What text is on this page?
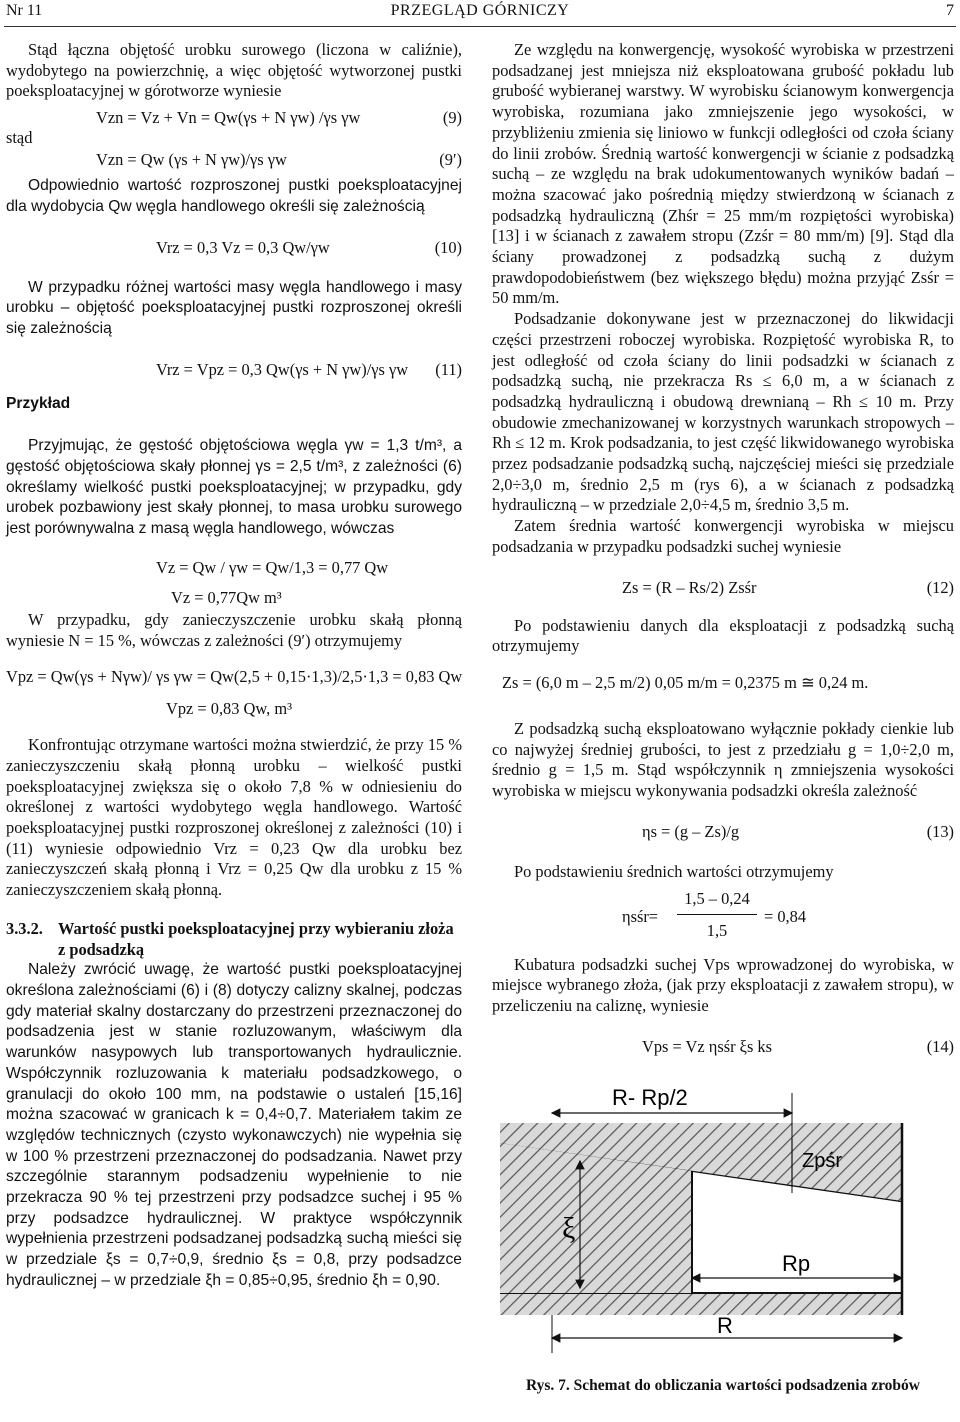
Nr 11	PRZEGLĄD GÓRNICZY	7

Stąd łączna objętość urobku surowego (liczona w caliźnie), wydobytego na powierzchnię, a więc objętość wytworzonej pustki poeksploatacyjnej w górotworze wyniesie

Vzn = Vz + Vn = Qw(γs + N γw) /γs γw	(9)
stąd
Vzn = Qw (γs + N γw)/γs γw	(9′)

Odpowiednio wartość rozproszonej pustki poeksploatacyjnej dla wydobycia Qw węgla handlowego określi się zależnością

Vrz = 0,3 Vz = 0,3 Qw/γw	(10)

W przypadku różnej wartości masy węgla handlowego i masy urobku – objętość poeksploatacyjnej pustki rozproszonej określi się zależnością

Vrz = Vpz = 0,3 Qw(γs + N γw)/γs γw (11)
Przykład

Przyjmując, że gęstość objętościowa węgla γw = 1,3 t/m³, a gęstość objętościowa skały płonnej γs = 2,5 t/m³, z zależności (6) określamy wielkość pustki poeksploatacyjnej; w przypadku, gdy urobek pozbawiony jest skały płonnej, to masa urobku surowego jest porównywalna z masą węgla handlowego, wówczas

Vz = Qw / γw = Qw/1,3 = 0,77 Qw
Vz = 0,77Qw m³

W przypadku, gdy zanieczyszczenie urobku skałą płonną wyniesie N = 15 %, wówczas z zależności (9′) otrzymujemy

Vpz = Qw(γs + Nγw)/ γs γw = Qw(2,5 + 0,15·1,3)/2,5·1,3 = 0,83 Qw
Vpz = 0,83 Qw, m³

Konfrontując otrzymane wartości można stwierdzić, że przy 15 % zanieczyszczeniu skałą płonną urobku – wielkość pustki poeksploatacyjnej zwiększa się o około 7,8 % w odniesieniu do określonej z wartości wydobytego węgla handlowego. Wartość poeksploatacyjnej pustki rozproszonej określonej z zależności (10) i (11) wyniesie odpowiednio Vrz = 0,23 Qw dla urobku bez zanieczyszczeń skałą płonną i Vrz = 0,25 Qw dla urobku z 15 % zanieczyszczeniem skałą płonną.

3.3.2. Wartość pustki poeksploatacyjnej przy wybieraniu złoża z podsadzką

Należy zwrócić uwagę, że wartość pustki poeksploatacyjnej określona zależnościami (6) i (8) dotyczy calizny skalnej, podczas gdy materiał skalny dostarczany do przestrzeni przeznaczonej do podsadzenia jest w stanie rozluzowanym, właściwym dla warunków nasypowych lub transportowanych hydraulicznie. Współczynnik rozluzowania k materiału podsadzkowego, o granulacji do około 100 mm, na podstawie o ustaleń [15,16] można szacować w granicach k = 0,4÷0,7. Materiałem takim ze względów technicznych (czysto wykonawczych) nie wypełnia się w 100 % przestrzeni przeznaczonej do podsadzania. Nawet przy szczególnie starannym podsadzeniu wypełnienie to nie przekracza 90 % tej przestrzeni przy podsadzce suchej i 95 % przy podsadzce hydraulicznej. W praktyce współczynnik wypełnienia przestrzeni podsadzanej podsadzką suchą mieści się w przedziale ξs = 0,7÷0,9, średnio ξs = 0,8, przy podsadzce hydraulicznej – w przedziale ξh = 0,85÷0,95, średnio ξh = 0,90.

Ze względu na konwergencję, wysokość wyrobiska w przestrzeni podsadzanej jest mniejsza niż eksploatowana grubość pokładu lub grubość wybieranej warstwy. W wyrobisku ścianowym konwergencja wyrobiska, rozumiana jako zmniejszenie jego wysokości, w przybliżeniu zmienia się liniowo w funkcji odległości od czoła ściany do linii zrobów. Średnią wartość konwergencji w ścianie z podsadzką suchą – ze względu na brak udokumentowanych wyników badań – można szacować jako pośrednią między stwierdzoną w ścianach z podsadzką hydrauliczną (Zhśr = 25 mm/m rozpiętości wyrobiska) [13] i w ścianach z zawałem stropu (Zzśr = 80 mm/m) [9]. Stąd dla ściany prowadzonej z podsadzką suchą z dużym prawdopodobieństwem (bez większego błędu) można przyjąć Zsśr = 50 mm/m.

Podsadzanie dokonywane jest w przeznaczonej do likwidacji części przestrzeni roboczej wyrobiska. Rozpiętość wyrobiska R, to jest odległość od czoła ściany do linii podsadzki w ścianach z podsadzką suchą, nie przekracza Rs ≤ 6,0 m, a w ścianach z podsadzką hydrauliczną i obudową drewnianą – Rh ≤ 10 m. Przy obudowie zmechanizowanej w korzystnych warunkach stropowych – Rh ≤ 12 m. Krok podsadzania, to jest część likwidowanego wyrobiska przez podsadzanie podsadzką suchą, najczęściej mieści się przedziale 2,0÷3,0 m, średnio 2,5 m (rys 6), a w ścianach z podsadzką hydrauliczną – w przedziale 2,0÷4,5 m, średnio 3,5 m.

Zatem średnia wartość konwergencji wyrobiska w miejscu podsadzania w przypadku podsadzki suchej wyniesie

Zs = (R – Rs/2) Zsśr	(12)

Po podstawieniu danych dla eksploatacji z podsadzką suchą otrzymujemy

Zs = (6,0 m – 2,5 m/2) 0,05 m/m = 0,2375 m ≅ 0,24 m.

Z podsadzką suchą eksploatowano wyłącznie pokłady cienkie lub co najwyżej średniej grubości, to jest z przedziału g = 1,0÷2,0 m, średnio g = 1,5 m. Stąd współczynnik η zmniejszenia wysokości wyrobiska w miejscu wykonywania podsadzki określa zależność

ηs = (g – Zs)/g	(13)

Po podstawieniu średnich wartości otrzymujemy

ηsśr=
1,5 – 0,24
1,5
= 0,84

Kubatura podsadzki suchej Vps wprowadzonej do wyrobiska, w miejsce wybranego złoża, (jak przy eksploatacji z zawałem stropu), w przeliczeniu na caliznę, wyniesie

Vps = Vz ηsśr ξs ks	(14)
R- Rp/2
Zpśr
ξ
Rp
R
Rys. 7. Schemat do obliczania wartości podsadzenia zrobów
